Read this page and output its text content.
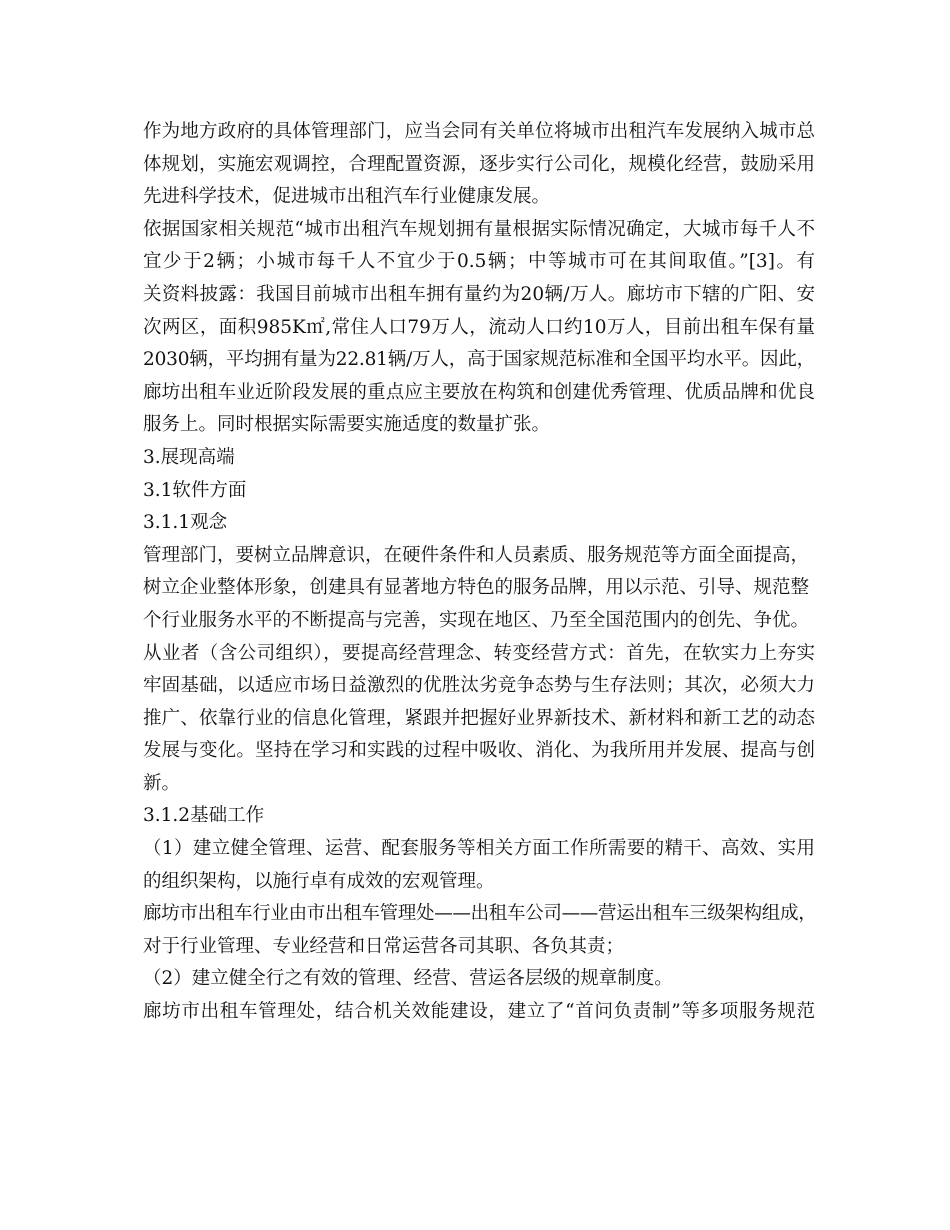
作为地方政府的具体管理部门，应当会同有关单位将城市出租汽车发展纳入城市总
体规划，实施宏观调控，合理配置资源，逐步实行公司化，规模化经营，鼓励采用
先进科学技术，促进城市出租汽车行业健康发展。
依据国家相关规范“城市出租汽车规划拥有量根据实际情况确定，大城市每千人不
宜少于2辆；小城市每千人不宜少于0.5辆；中等城市可在其间取值。”[3]。有
关资料披露：我国目前城市出租车拥有量约为20辆/万人。廊坊市下辖的广阳、安
次两区，面积985K㎡,常住人口79万人，流动人口约10万人，目前出租车保有量
2030辆，平均拥有量为22.81辆/万人，高于国家规范标准和全国平均水平。因此，
廊坊出租车业近阶段发展的重点应主要放在构筑和创建优秀管理、优质品牌和优良
服务上。同时根据实际需要实施适度的数量扩张。
3.展现高端
3.1软件方面
3.1.1观念
管理部门，要树立品牌意识，在硬件条件和人员素质、服务规范等方面全面提高，
树立企业整体形象，创建具有显著地方特色的服务品牌，用以示范、引导、规范整
个行业服务水平的不断提高与完善，实现在地区、乃至全国范围内的创先、争优。
从业者（含公司组织），要提高经营理念、转变经营方式：首先，在软实力上夯实
牢固基础，以适应市场日益激烈的优胜汰劣竞争态势与生存法则；其次，必须大力
推广、依靠行业的信息化管理，紧跟并把握好业界新技术、新材料和新工艺的动态
发展与变化。坚持在学习和实践的过程中吸收、消化、为我所用并发展、提高与创
新。
3.1.2基础工作
（1）建立健全管理、运营、配套服务等相关方面工作所需要的精干、高效、实用
的组织架构，以施行卓有成效的宏观管理。
廊坊市出租车行业由市出租车管理处——出租车公司——营运出租车三级架构组成，
对于行业管理、专业经营和日常运营各司其职、各负其责；
（2）建立健全行之有效的管理、经营、营运各层级的规章制度。
廊坊市出租车管理处，结合机关效能建设，建立了“首问负责制”等多项服务规范
